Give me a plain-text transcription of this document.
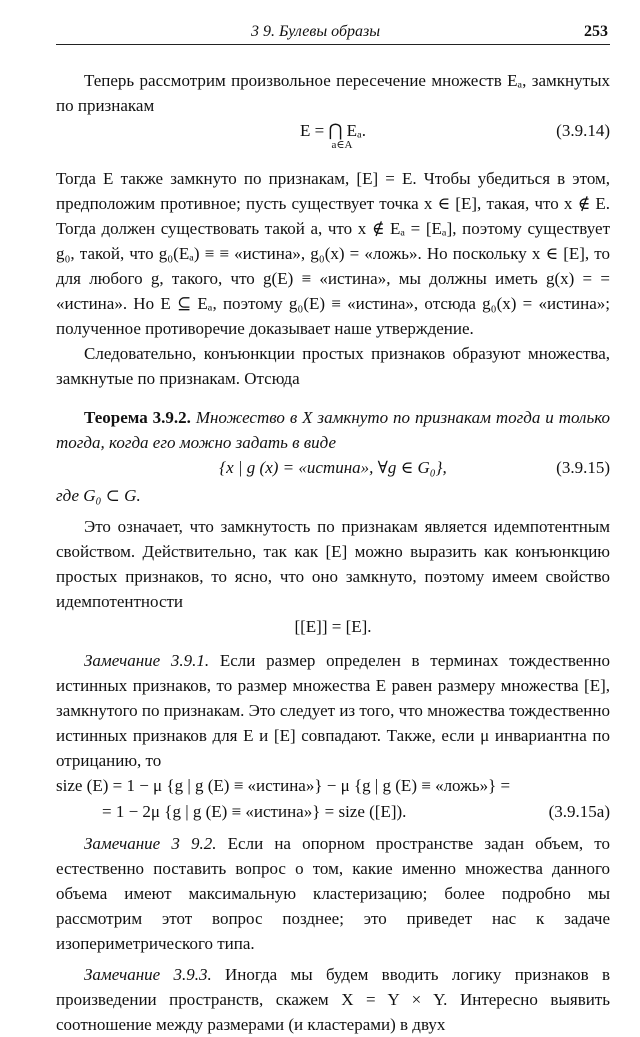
3 9. Булевы образы	253

Теперь рассмотрим произвольное пересечение множеств Eₐ, замкнутых по признакам

E = ⋂ Eₐ.
a∈A
(3.9.14)

Тогда E также замкнуто по признакам, [E] = E. Чтобы убедиться в этом, предположим противное; пусть существует точка x ∈ [E], такая, что x ∉ E. Тогда должен существовать такой a, что x ∉ Eₐ = [Eₐ], поэтому существует g₀, такой, что g₀(Eₐ) ≡ ≡ «истина», g₀(x) = «ложь». Но поскольку x ∈ [E], то для любого g, такого, что g(E) ≡ «истина», мы должны иметь g(x) = = «истина». Но E ⊆ Eₐ, поэтому g₀(E) ≡ «истина», отсюда g₀(x) = «истина»; полученное противоречие доказывает наше утверждение.

Следовательно, конъюнкции простых признаков образуют множества, замкнутые по признакам. Отсюда

Теорема 3.9.2. Множество в X замкнуто по признакам тогда и только тогда, когда его можно задать в виде

{x | g (x) = «истина», ∀g ∈ G₀},	(3.9.15)

где G₀ ⊂ G.

Это означает, что замкнутость по признакам является идемпотентным свойством. Действительно, так как [E] можно выразить как конъюнкцию простых признаков, то ясно, что оно замкнуто, поэтому имеем свойство идемпотентности

[[E]] = [E].

Замечание 3.9.1. Если размер определен в терминах тождественно истинных признаков, то размер множества E равен размеру множества [E], замкнутого по признакам. Это следует из того, что множества тождественно истинных признаков для E и [E] совпадают. Также, если μ инвариантна по отрицанию, то

size (E) = 1 − μ {g | g (E) ≡ «истина»} − μ {g | g (E) ≡ «ложь»} =
= 1 − 2μ {g | g (E) ≡ «истина»} = size ([E]).	(3.9.15a)

Замечание 3 9.2. Если на опорном пространстве задан объем, то естественно поставить вопрос о том, какие именно множества данного объема имеют максимальную кластеризацию; более подробно мы рассмотрим этот вопрос позднее; это приведет нас к задаче изопериметрического типа.

Замечание 3.9.3. Иногда мы будем вводить логику признаков в произведении пространств, скажем X = Y × Y. Интересно выявить соотношение между размерами (и кластерами) в двух
